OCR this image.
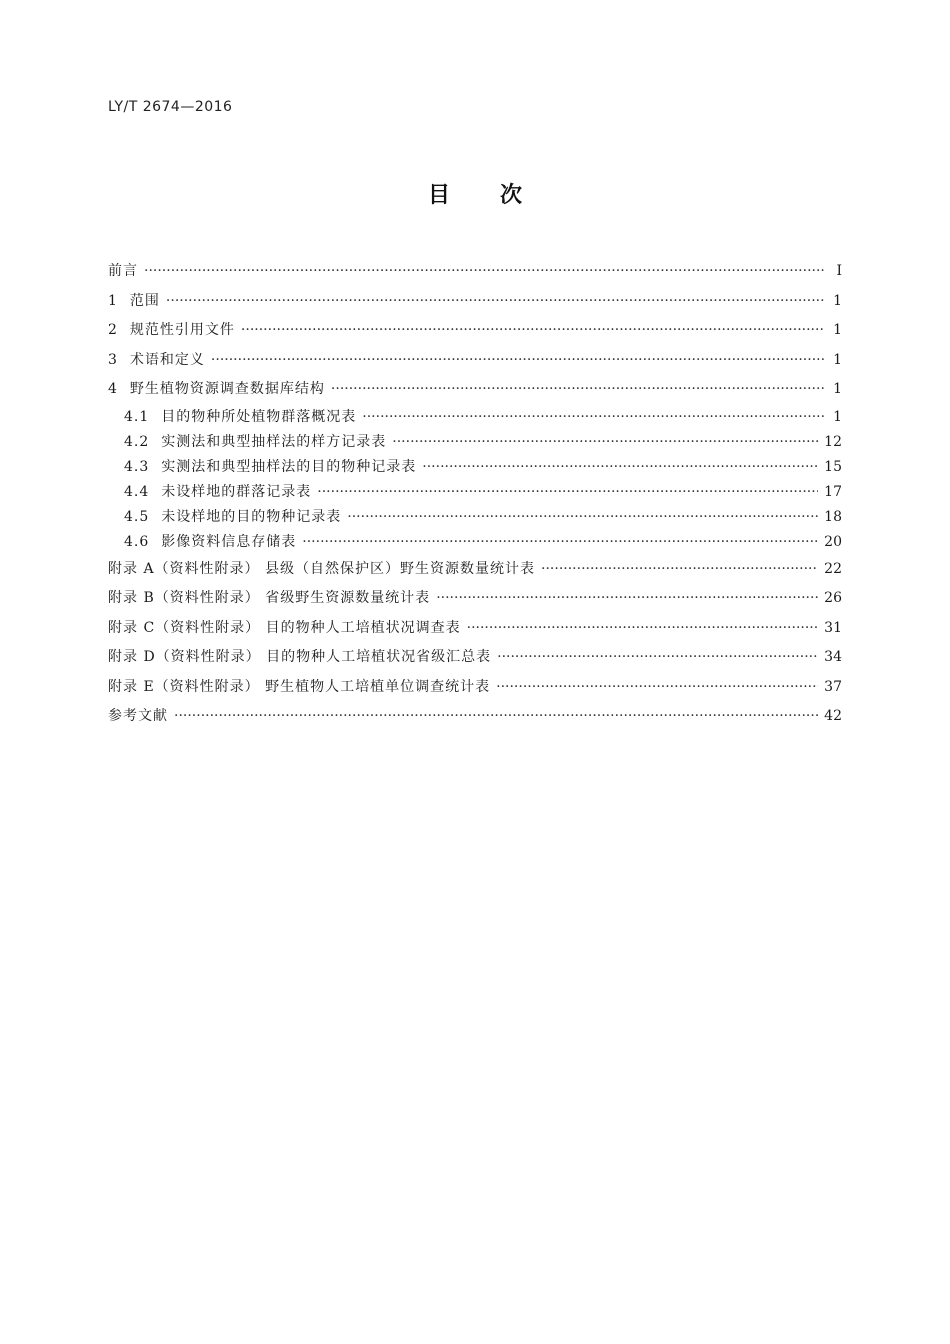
LY/T 2674—2016
目次
前言 ·····	Ⅰ
1 范围 ·····	1
2 规范性引用文件 ·····	1
3 术语和定义 ·····	1
4 野生植物资源调查数据库结构 ·····	1
4.1 目的物种所处植物群落概况表 ·····	1
4.2 实测法和典型抽样法的样方记录表 ·····	12
4.3 实测法和典型抽样法的目的物种记录表 ·····	15
4.4 未设样地的群落记录表 ·····	17
4.5 未设样地的目的物种记录表 ·····	18
4.6 影像资料信息存储表 ·····	20
附录 A（资料性附录） 县级（自然保护区）野生资源数量统计表 ·····	22
附录 B（资料性附录） 省级野生资源数量统计表 ·····	26
附录 C（资料性附录） 目的物种人工培植状况调查表 ·····	31
附录 D（资料性附录） 目的物种人工培植状况省级汇总表 ·····	34
附录 E（资料性附录） 野生植物人工培植单位调查统计表 ·····	37
参考文献 ·····	42
